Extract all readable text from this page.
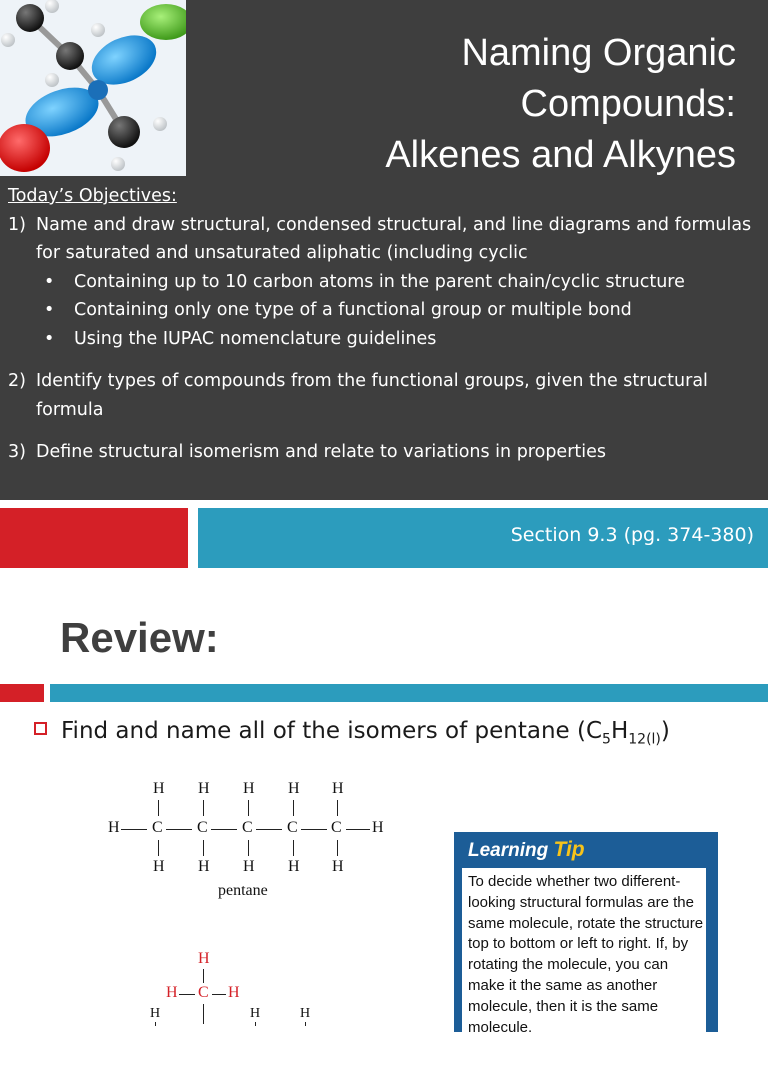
Naming Organic
Compounds:
Alkenes and Alkynes
Today’s Objectives:
1) Name and draw structural, condensed structural, and line diagrams and formulas for saturated and unsaturated aliphatic (including cyclic
• Containing up to 10 carbon atoms in the parent chain/cyclic structure
• Containing only one type of a functional group or multiple bond
• Using the IUPAC nomenclature guidelines
2) Identify types of compounds from the functional groups, given the structural formula
3) Define structural isomerism and relate to variations in properties
Section 9.3 (pg. 374-380)
Review:
Find and name all of the isomers of pentane $(C_5H_{12(l)})$
H H H H H
H C C C C C H
H H H H H
pentane
H
H C H
H	H	H
Learning Tip
To decide whether two different-looking structural formulas are the same molecule, rotate the structure top to bottom or left to right. If, by rotating the molecule, you can make it the same as another molecule, then it is the same molecule.
